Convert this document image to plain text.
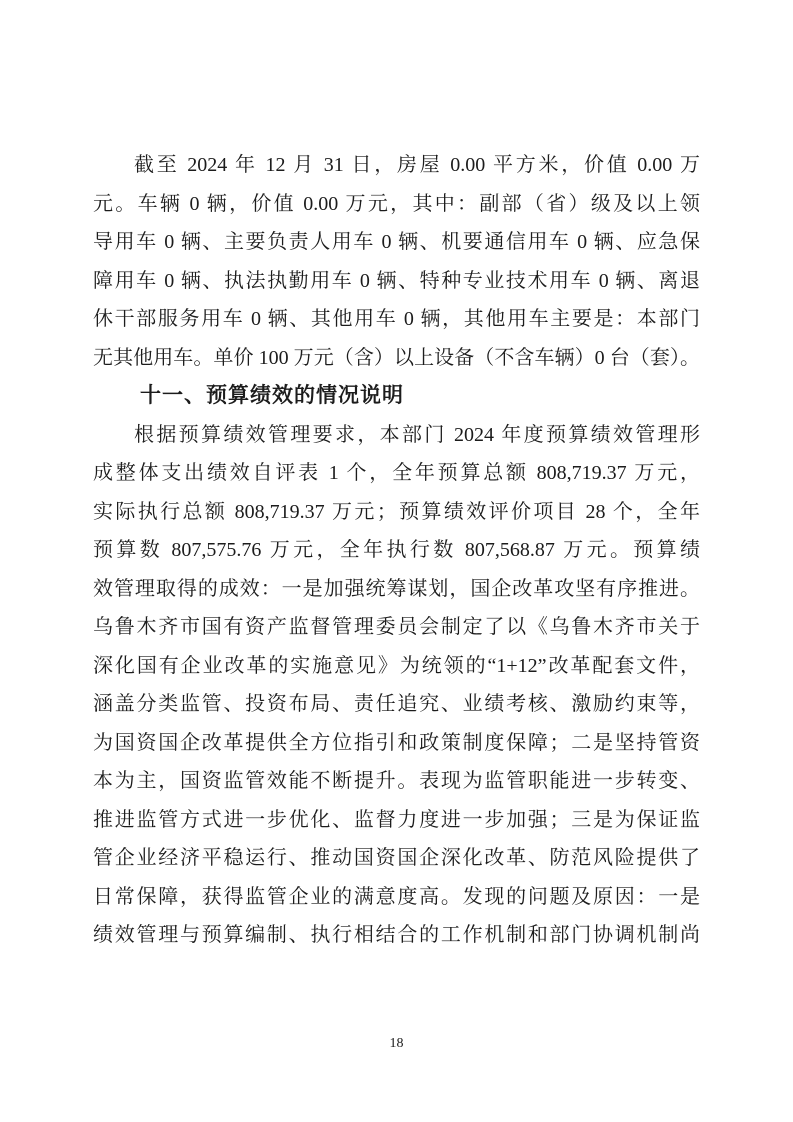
截至 2024 年 12 月 31 日，房屋 0.00 平方米，价值 0.00 万
元。车辆 0 辆，价值 0.00 万元，其中：副部（省）级及以上领
导用车 0 辆、主要负责人用车 0 辆、机要通信用车 0 辆、应急保
障用车 0 辆、执法执勤用车 0 辆、特种专业技术用车 0 辆、离退
休干部服务用车 0 辆、其他用车 0 辆，其他用车主要是：本部门
无其他用车。单价 100 万元（含）以上设备（不含车辆）0 台（套）。
十一、预算绩效的情况说明
根据预算绩效管理要求，本部门 2024 年度预算绩效管理形
成整体支出绩效自评表 1 个，全年预算总额 808,719.37 万元，
实际执行总额 808,719.37 万元；预算绩效评价项目 28 个，全年
预算数 807,575.76 万元，全年执行数 807,568.87 万元。预算绩
效管理取得的成效：一是加强统筹谋划，国企改革攻坚有序推进。
乌鲁木齐市国有资产监督管理委员会制定了以《乌鲁木齐市关于
深化国有企业改革的实施意见》为统领的“1+12”改革配套文件，
涵盖分类监管、投资布局、责任追究、业绩考核、激励约束等，
为国资国企改革提供全方位指引和政策制度保障；二是坚持管资
本为主，国资监管效能不断提升。表现为监管职能进一步转变、
推进监管方式进一步优化、监督力度进一步加强；三是为保证监
管企业经济平稳运行、推动国资国企深化改革、防范风险提供了
日常保障，获得监管企业的满意度高。发现的问题及原因：一是
绩效管理与预算编制、执行相结合的工作机制和部门协调机制尚
18
